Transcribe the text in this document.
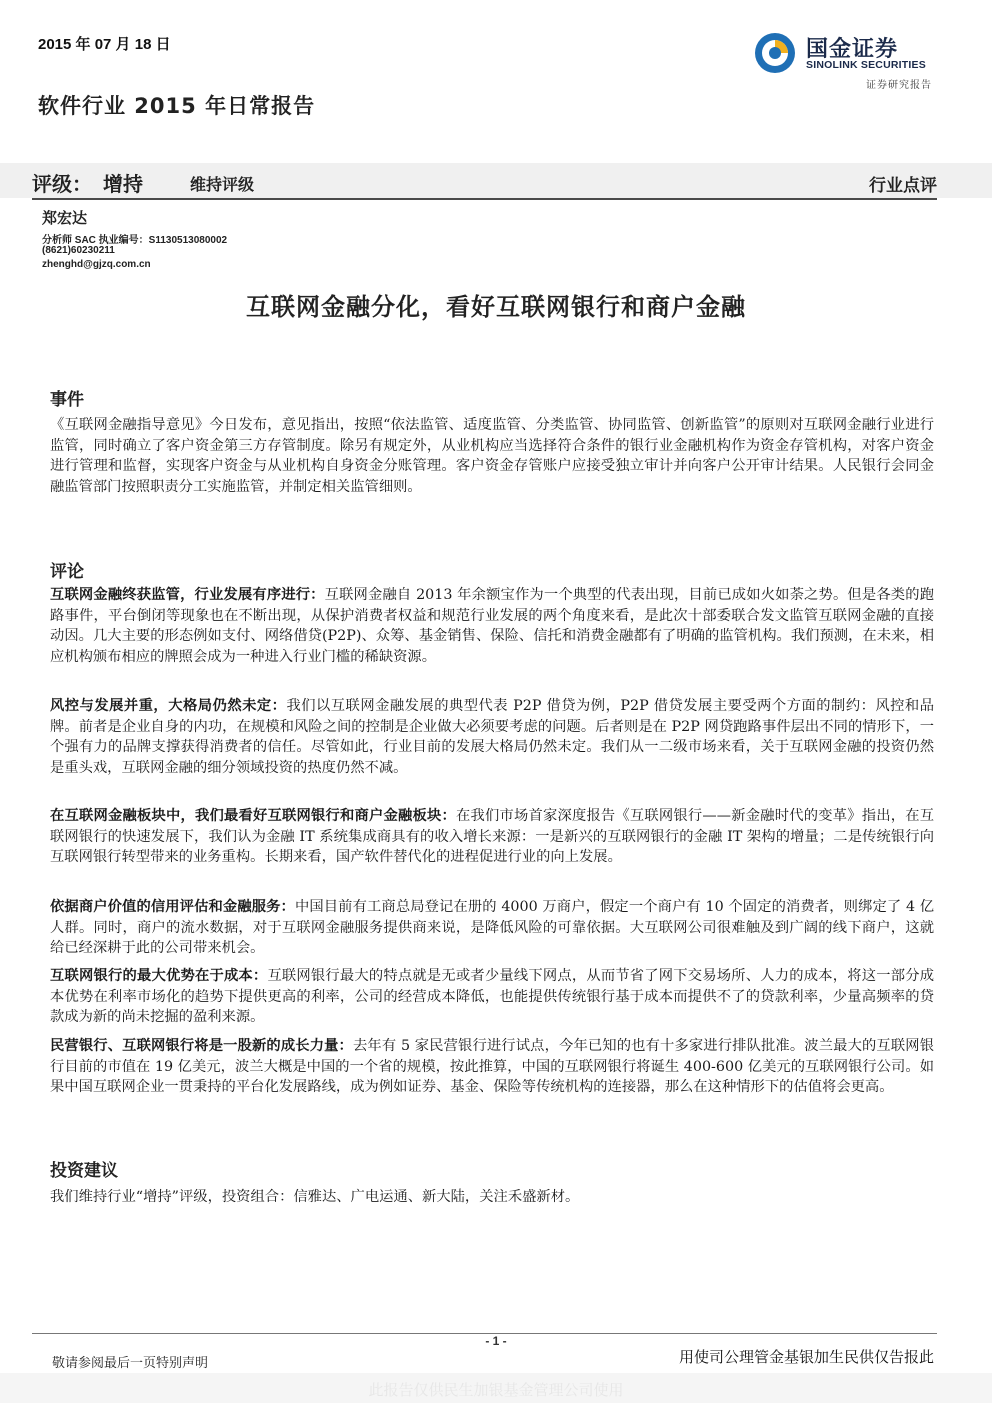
2015 年 07 月 18 日	国金证券
SINOLINK SECURITIES
证券研究报告
软件行业 2015 年日常报告
评级： 增持	维持评级	行业点评
郑宏达
分析师 SAC 执业编号：S1130513080002
(8621)60230211
zhenghd@gjzq.com.cn
互联网金融分化，看好互联网银行和商户金融
事件
《互联网金融指导意见》今日发布，意见指出，按照“依法监管、适度监管、分类监管、协同监管、创新监管”的原则对互联网金融行业进行监管，同时确立了客户资金第三方存管制度。除另有规定外，从业机构应当选择符合条件的银行业金融机构作为资金存管机构，对客户资金进行管理和监督，实现客户资金与从业机构自身资金分账管理。客户资金存管账户应接受独立审计并向客户公开审计结果。人民银行会同金融监管部门按照职责分工实施监管，并制定相关监管细则。
评论
互联网金融终获监管，行业发展有序进行：互联网金融自 2013 年余额宝作为一个典型的代表出现，目前已成如火如荼之势。但是各类的跑路事件，平台倒闭等现象也在不断出现，从保护消费者权益和规范行业发展的两个角度来看，是此次十部委联合发文监管互联网金融的直接动因。几大主要的形态例如支付、网络借贷(P2P)、众筹、基金销售、保险、信托和消费金融都有了明确的监管机构。我们预测，在未来，相应机构颁布相应的牌照会成为一种进入行业门槛的稀缺资源。
风控与发展并重，大格局仍然未定：我们以互联网金融发展的典型代表 P2P 借贷为例，P2P 借贷发展主要受两个方面的制约：风控和品牌。前者是企业自身的内功，在规模和风险之间的控制是企业做大必须要考虑的问题。后者则是在 P2P 网贷跑路事件层出不同的情形下，一个强有力的品牌支撑获得消费者的信任。尽管如此，行业目前的发展大格局仍然未定。我们从一二级市场来看，关于互联网金融的投资仍然是重头戏，互联网金融的细分领域投资的热度仍然不减。
在互联网金融板块中，我们最看好互联网银行和商户金融板块：在我们市场首家深度报告《互联网银行——新金融时代的变革》指出，在互联网银行的快速发展下，我们认为金融 IT 系统集成商具有的收入增长来源：一是新兴的互联网银行的金融 IT 架构的增量；二是传统银行向互联网银行转型带来的业务重构。长期来看，国产软件替代化的进程促进行业的向上发展。
依据商户价值的信用评估和金融服务：中国目前有工商总局登记在册的 4000 万商户，假定一个商户有 10 个固定的消费者，则绑定了 4 亿人群。同时，商户的流水数据，对于互联网金融服务提供商来说，是降低风险的可靠依据。大互联网公司很难触及到广阔的线下商户，这就给已经深耕于此的公司带来机会。
互联网银行的最大优势在于成本：互联网银行最大的特点就是无或者少量线下网点，从而节省了网下交易场所、人力的成本，将这一部分成本优势在利率市场化的趋势下提供更高的利率，公司的经营成本降低，也能提供传统银行基于成本而提供不了的贷款利率，少量高频率的贷款成为新的尚未挖掘的盈利来源。
民营银行、互联网银行将是一股新的成长力量：去年有 5 家民营银行进行试点，今年已知的也有十多家进行排队批准。波兰最大的互联网银行目前的市值在 19 亿美元，波兰大概是中国的一个省的规模，按此推算，中国的互联网银行将诞生 400-600 亿美元的互联网银行公司。如果中国互联网企业一贯秉持的平台化发展路线，成为例如证券、基金、保险等传统机构的连接器，那么在这种情形下的估值将会更高。
投资建议
我们维持行业“增持”评级，投资组合：信雅达、广电运通、新大陆，关注禾盛新材。
- 1 -
敬请参阅最后一页特别声明	用使司公理管金基银加生民供仅告报此
此报告仅供民生加银基金管理公司使用
